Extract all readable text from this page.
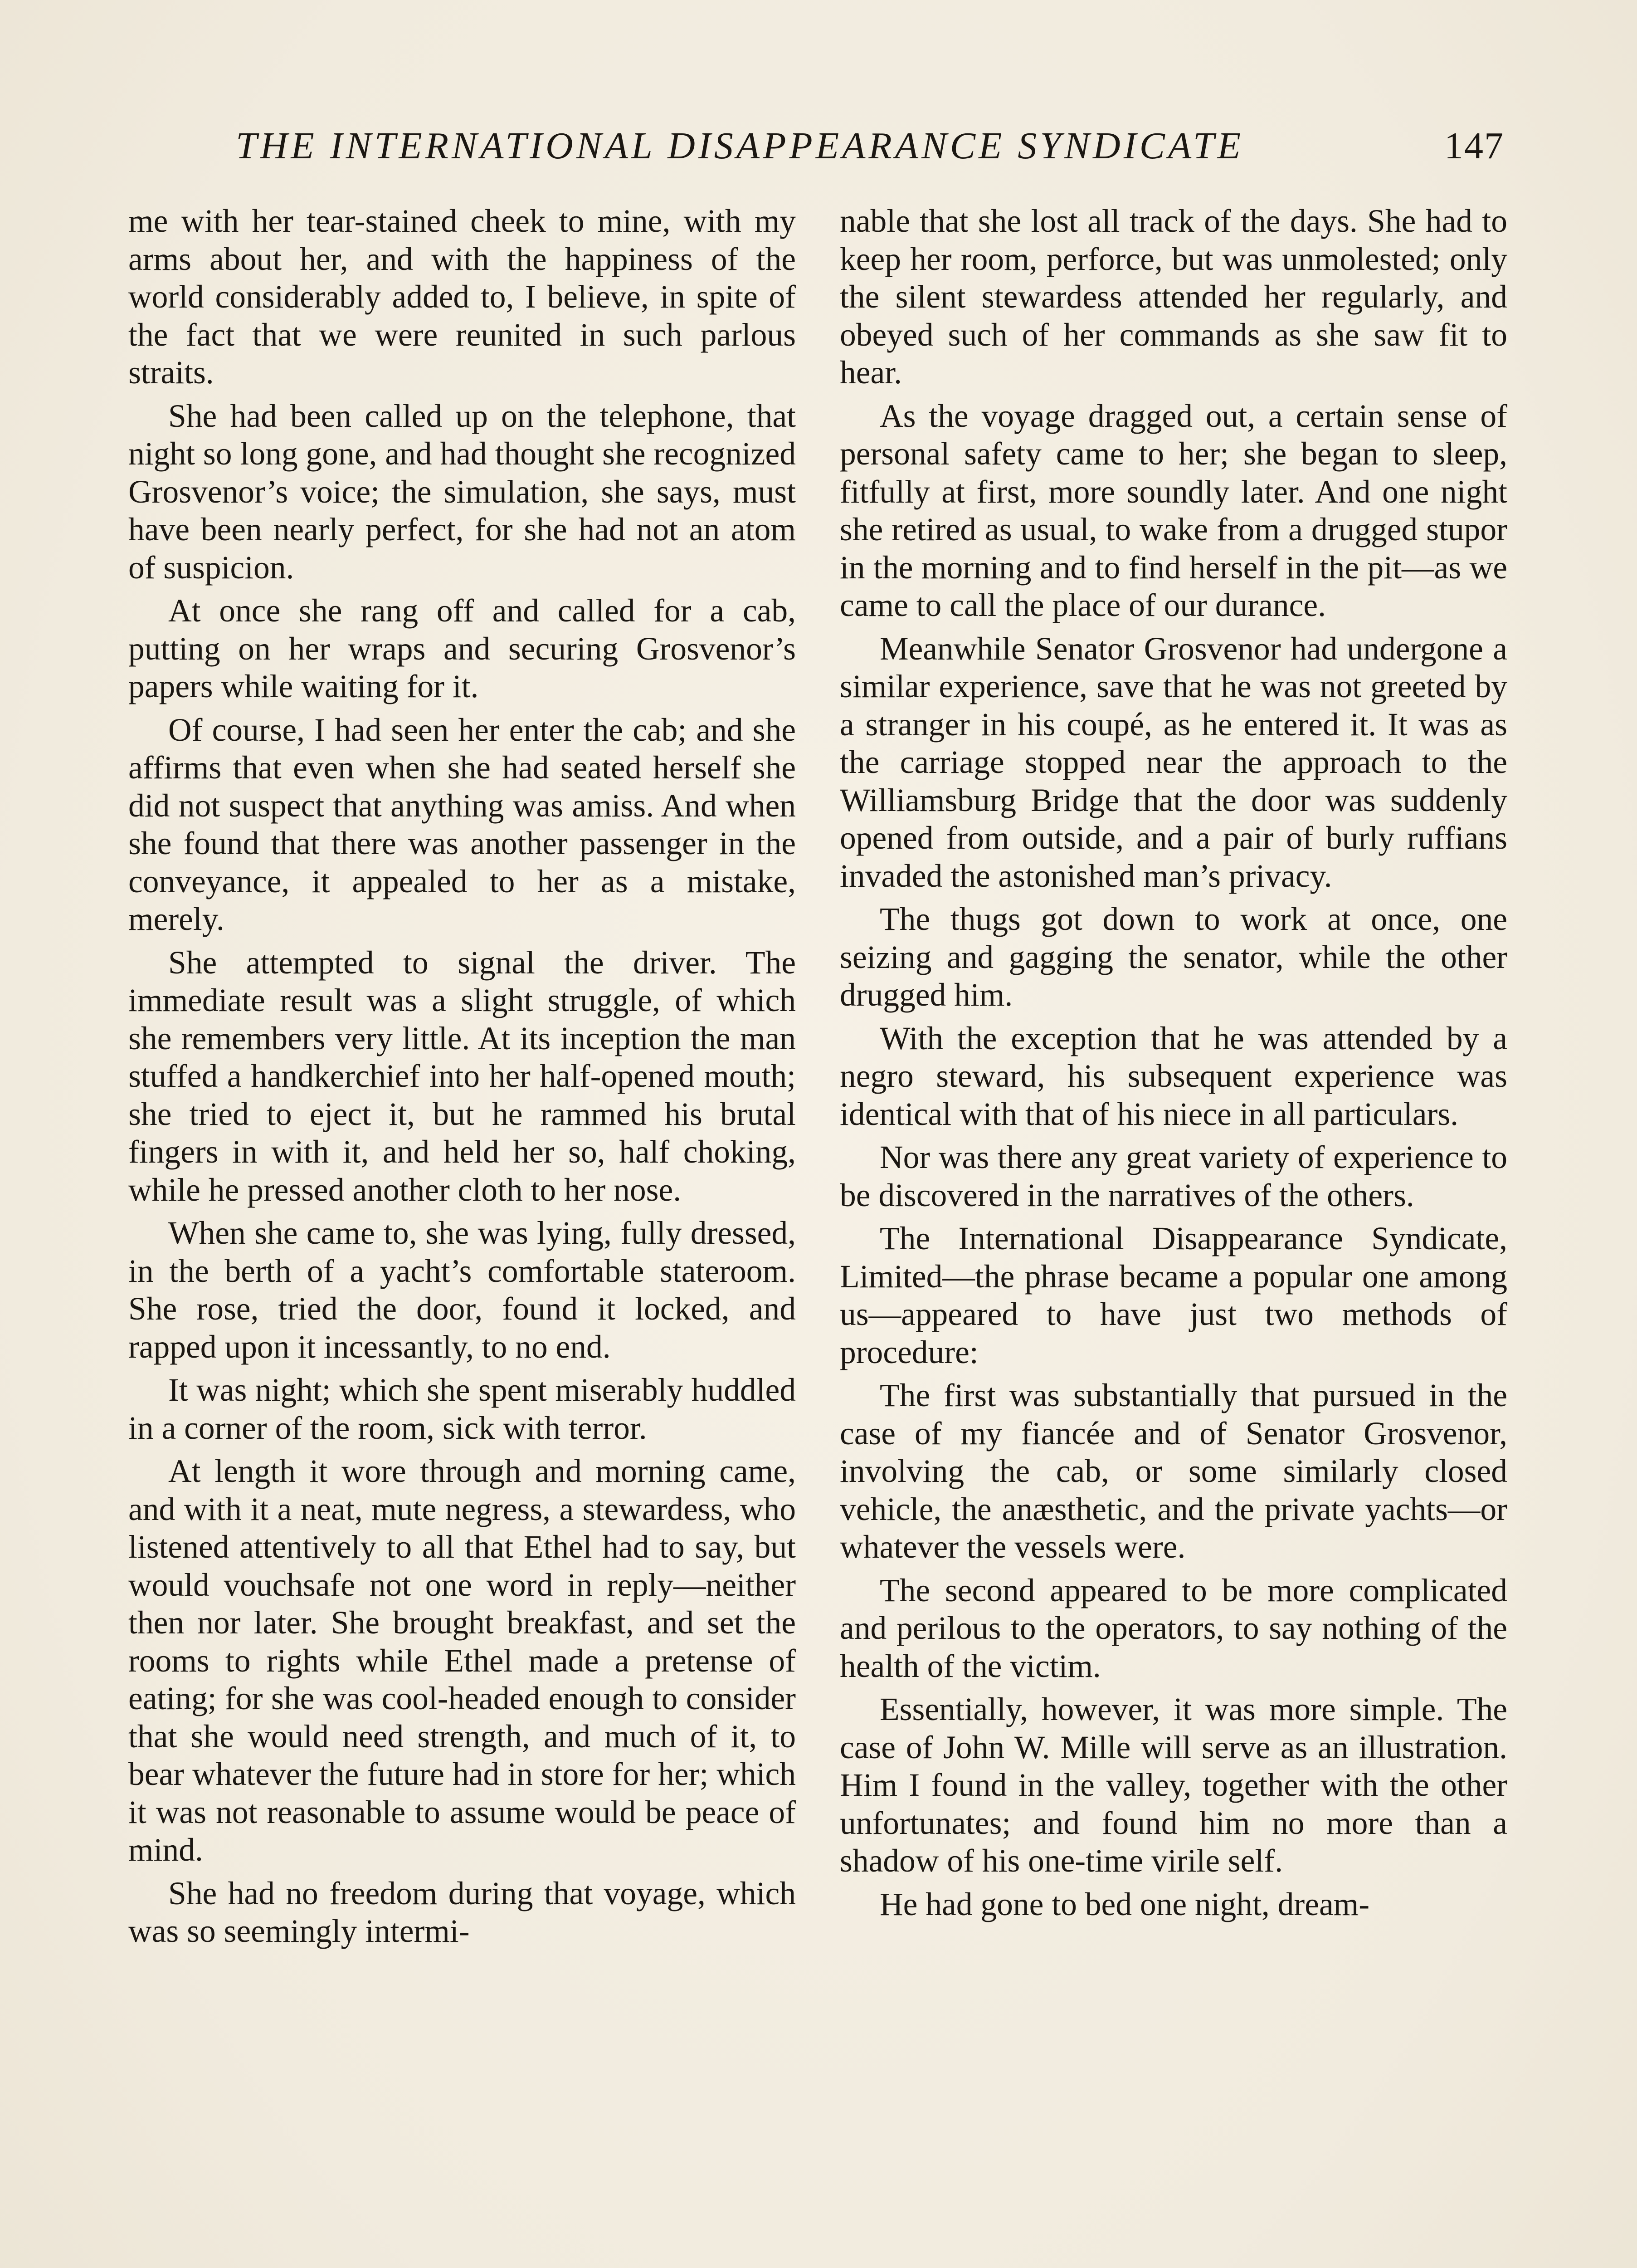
THE INTERNATIONAL DISAPPEARANCE SYNDICATE	147

me with her tear-stained cheek to mine, with my arms about her, and with the happiness of the world considerably added to, I believe, in spite of the fact that we were reunited in such parlous straits.

She had been called up on the telephone, that night so long gone, and had thought she recognized Grosvenor’s voice; the simulation, she says, must have been nearly perfect, for she had not an atom of suspicion.

At once she rang off and called for a cab, putting on her wraps and securing Grosvenor’s papers while waiting for it.

Of course, I had seen her enter the cab; and she affirms that even when she had seated herself she did not suspect that anything was amiss. And when she found that there was another passenger in the conveyance, it appealed to her as a mistake, merely.

She attempted to signal the driver. The immediate result was a slight struggle, of which she remembers very little. At its inception the man stuffed a handkerchief into her half-opened mouth; she tried to eject it, but he rammed his brutal fingers in with it, and held her so, half choking, while he pressed another cloth to her nose.

When she came to, she was lying, fully dressed, in the berth of a yacht’s comfortable stateroom. She rose, tried the door, found it locked, and rapped upon it incessantly, to no end.

It was night; which she spent miserably huddled in a corner of the room, sick with terror.

At length it wore through and morning came, and with it a neat, mute negress, a stewardess, who listened attentively to all that Ethel had to say, but would vouchsafe not one word in reply—neither then nor later. She brought breakfast, and set the rooms to rights while Ethel made a pretense of eating; for she was cool-headed enough to consider that she would need strength, and much of it, to bear whatever the future had in store for her; which it was not reasonable to assume would be peace of mind.

She had no freedom during that voyage, which was so seemingly intermi-

nable that she lost all track of the days. She had to keep her room, perforce, but was unmolested; only the silent stewardess attended her regularly, and obeyed such of her commands as she saw fit to hear.

As the voyage dragged out, a certain sense of personal safety came to her; she began to sleep, fitfully at first, more soundly later. And one night she retired as usual, to wake from a drugged stupor in the morning and to find herself in the pit—as we came to call the place of our durance.

Meanwhile Senator Grosvenor had undergone a similar experience, save that he was not greeted by a stranger in his coupé, as he entered it. It was as the carriage stopped near the approach to the Williamsburg Bridge that the door was suddenly opened from outside, and a pair of burly ruffians invaded the astonished man’s privacy.

The thugs got down to work at once, one seizing and gagging the senator, while the other drugged him.

With the exception that he was attended by a negro steward, his subsequent experience was identical with that of his niece in all particulars.

Nor was there any great variety of experience to be discovered in the narratives of the others.

The International Disappearance Syndicate, Limited—the phrase became a popular one among us—appeared to have just two methods of procedure:

The first was substantially that pursued in the case of my fiancée and of Senator Grosvenor, involving the cab, or some similarly closed vehicle, the anæsthetic, and the private yachts—or whatever the vessels were.

The second appeared to be more complicated and perilous to the operators, to say nothing of the health of the victim.

Essentially, however, it was more simple. The case of John W. Mille will serve as an illustration. Him I found in the valley, together with the other unfortunates; and found him no more than a shadow of his one-time virile self.

He had gone to bed one night, dream-
